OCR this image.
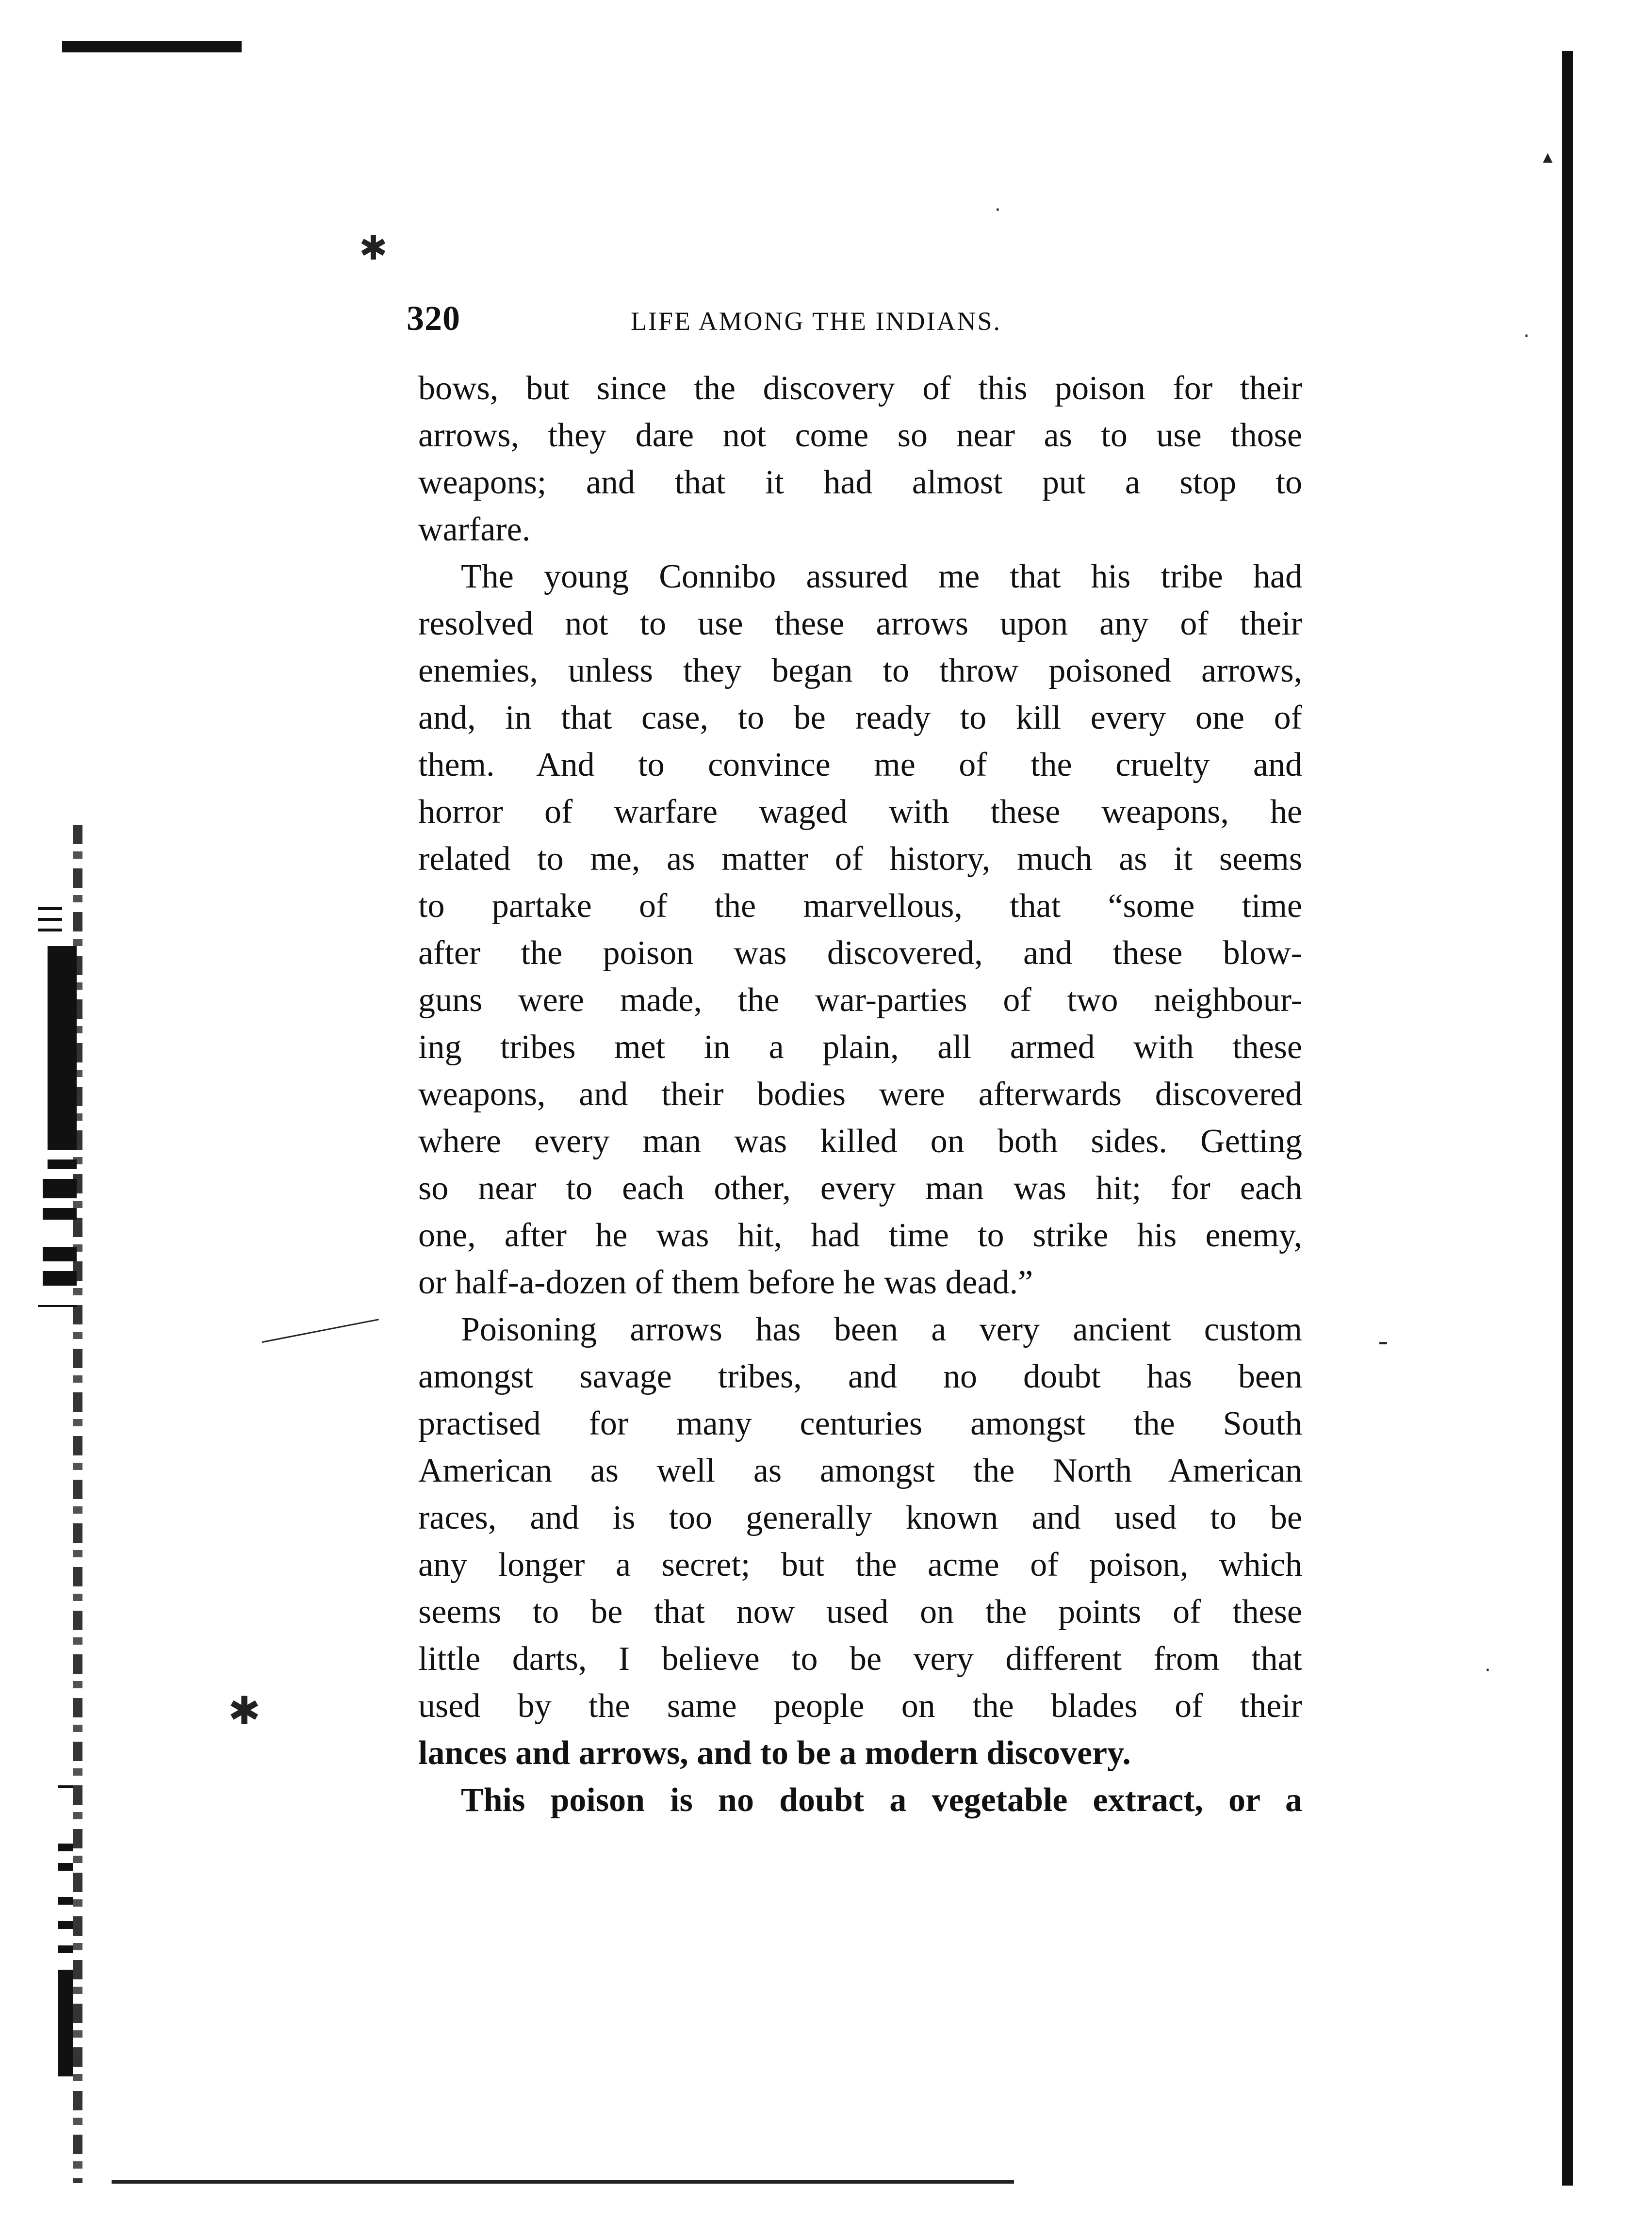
✱
✱
·
▴
·
-
·
320	LIFE AMONG THE INDIANS.
bows, but since the discovery of this poison for their
arrows, they dare not come so near as to use those
weapons; and that it had almost put a stop to
warfare.
The young Connibo assured me that his tribe had
resolved not to use these arrows upon any of their
enemies, unless they began to throw poisoned arrows,
and, in that case, to be ready to kill every one of
them. And to convince me of the cruelty and
horror of warfare waged with these weapons, he
related to me, as matter of history, much as it seems
to partake of the marvellous, that “some time
after the poison was discovered, and these blow-
guns were made, the war-parties of two neighbour-
ing tribes met in a plain, all armed with these
weapons, and their bodies were afterwards discovered
where every man was killed on both sides. Getting
so near to each other, every man was hit; for each
one, after he was hit, had time to strike his enemy,
or half-a-dozen of them before he was dead.”
Poisoning arrows has been a very ancient custom
amongst savage tribes, and no doubt has been
practised for many centuries amongst the South
American as well as amongst the North American
races, and is too generally known and used to be
any longer a secret; but the acme of poison, which
seems to be that now used on the points of these
little darts, I believe to be very different from that
used by the same people on the blades of their
lances and arrows, and to be a modern discovery.
This poison is no doubt a vegetable extract, or a
